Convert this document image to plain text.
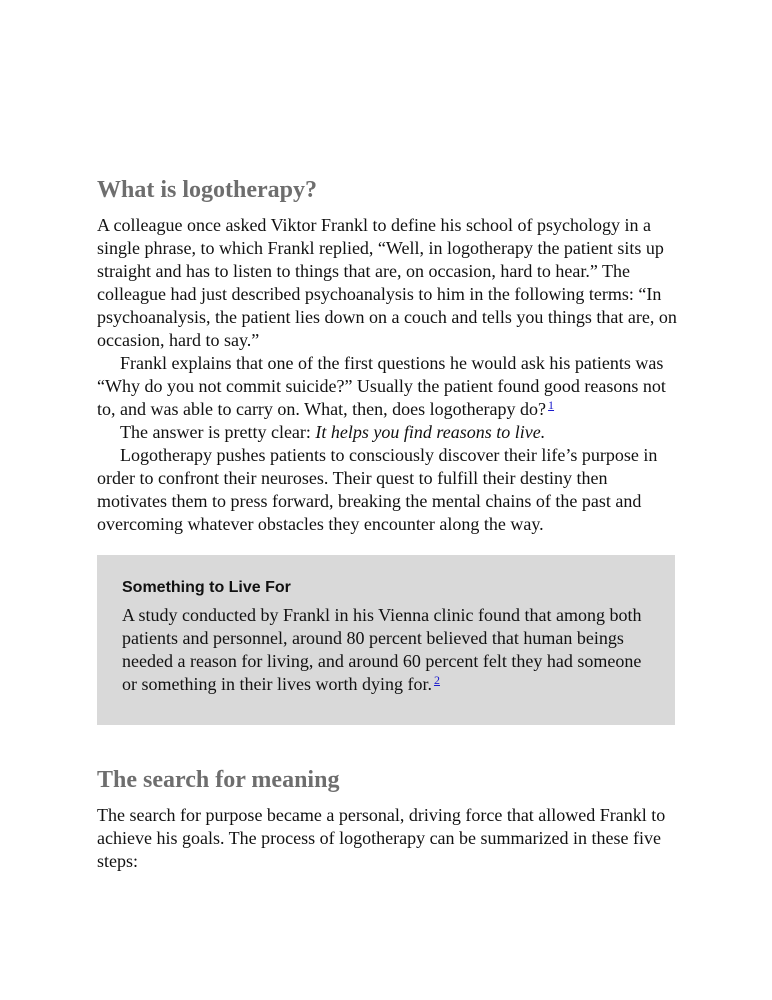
What is logotherapy?

A colleague once asked Viktor Frankl to define his school of psychology in a single phrase, to which Frankl replied, “Well, in logotherapy the patient sits up straight and has to listen to things that are, on occasion, hard to hear.” The colleague had just described psychoanalysis to him in the following terms: “In psychoanalysis, the patient lies down on a couch and tells you things that are, on occasion, hard to say.”

Frankl explains that one of the first questions he would ask his patients was “Why do you not commit suicide?” Usually the patient found good reasons not to, and was able to carry on. What, then, does logotherapy do? $^1$

The answer is pretty clear: It helps you find reasons to live.

Logotherapy pushes patients to consciously discover their life’s purpose in order to confront their neuroses. Their quest to fulfill their destiny then motivates them to press forward, breaking the mental chains of the past and overcoming whatever obstacles they encounter along the way.

Something to Live For

A study conducted by Frankl in his Vienna clinic found that among both patients and personnel, around 80 percent believed that human beings needed a reason for living, and around 60 percent felt they had someone or something in their lives worth dying for. $^2$

The search for meaning

The search for purpose became a personal, driving force that allowed Frankl to achieve his goals. The process of logotherapy can be summarized in these five steps:
